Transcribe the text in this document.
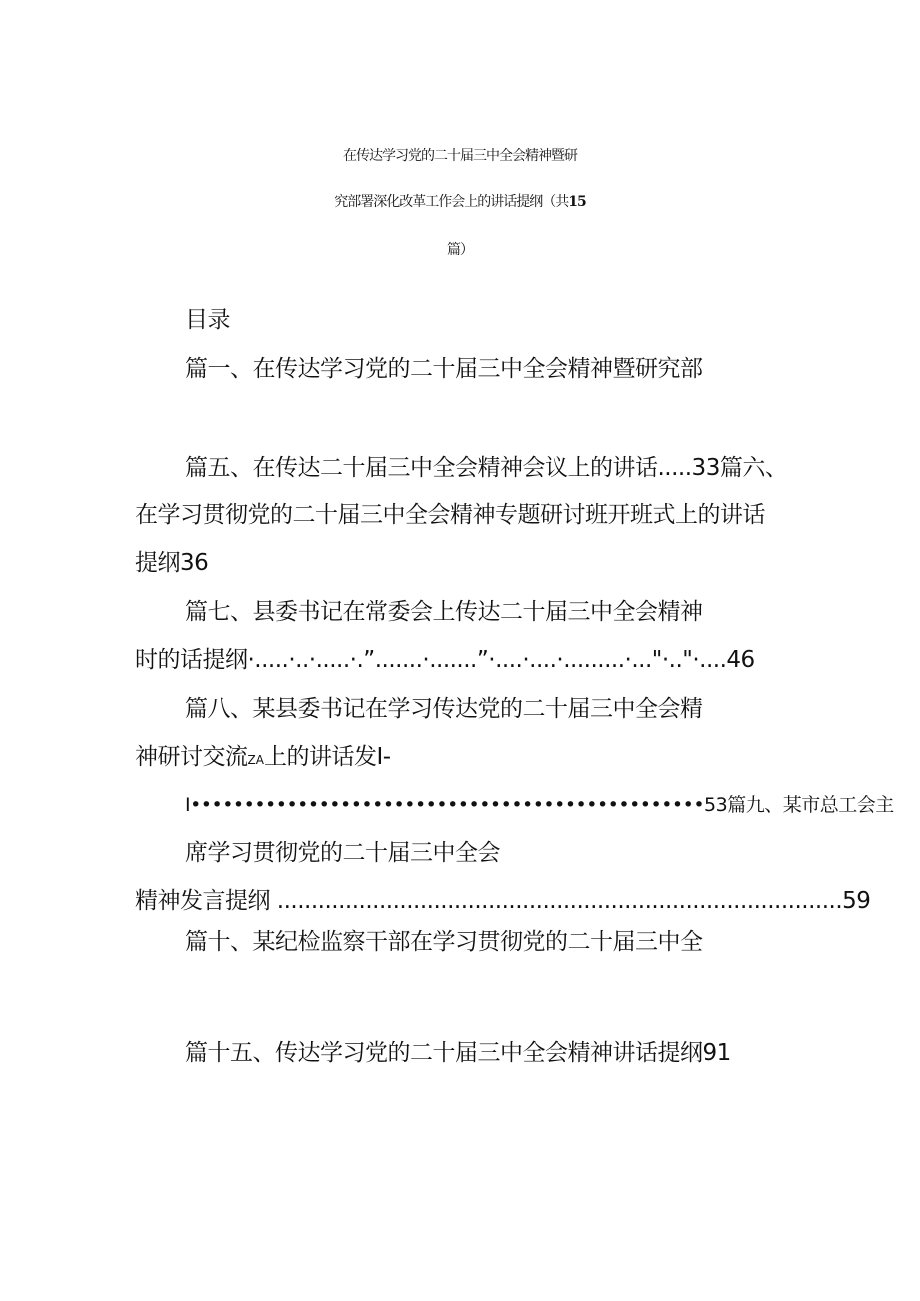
在传达学习党的二十届三中全会精神暨研
究部署深化改革工作会上的讲话提纲（共15
篇）
目录
篇一、在传达学习党的二十届三中全会精神暨研究部
篇五、在传达二十届三中全会精神会议上的讲话.....33篇六、
在学习贯彻党的二十届三中全会精神专题研讨班开班式上的讲话
提纲36
篇七、县委书记在常委会上传达二十届三中全会精神
时的话提纲·.....·..·.....·.”.......·.......”·....·....·.........·..."·.."·....46
篇八、某县委书记在学习传达党的二十届三中全会精
神研讨交流ZA上的讲话发I-
I••••••••••••••••••••••••••••••••••••••••••••••••53篇九、某市总工会主
席学习贯彻党的二十届三中全会
精神发言提纲 ...................................................................................59
篇十、某纪检监察干部在学习贯彻党的二十届三中全
篇十五、传达学习党的二十届三中全会精神讲话提纲91
